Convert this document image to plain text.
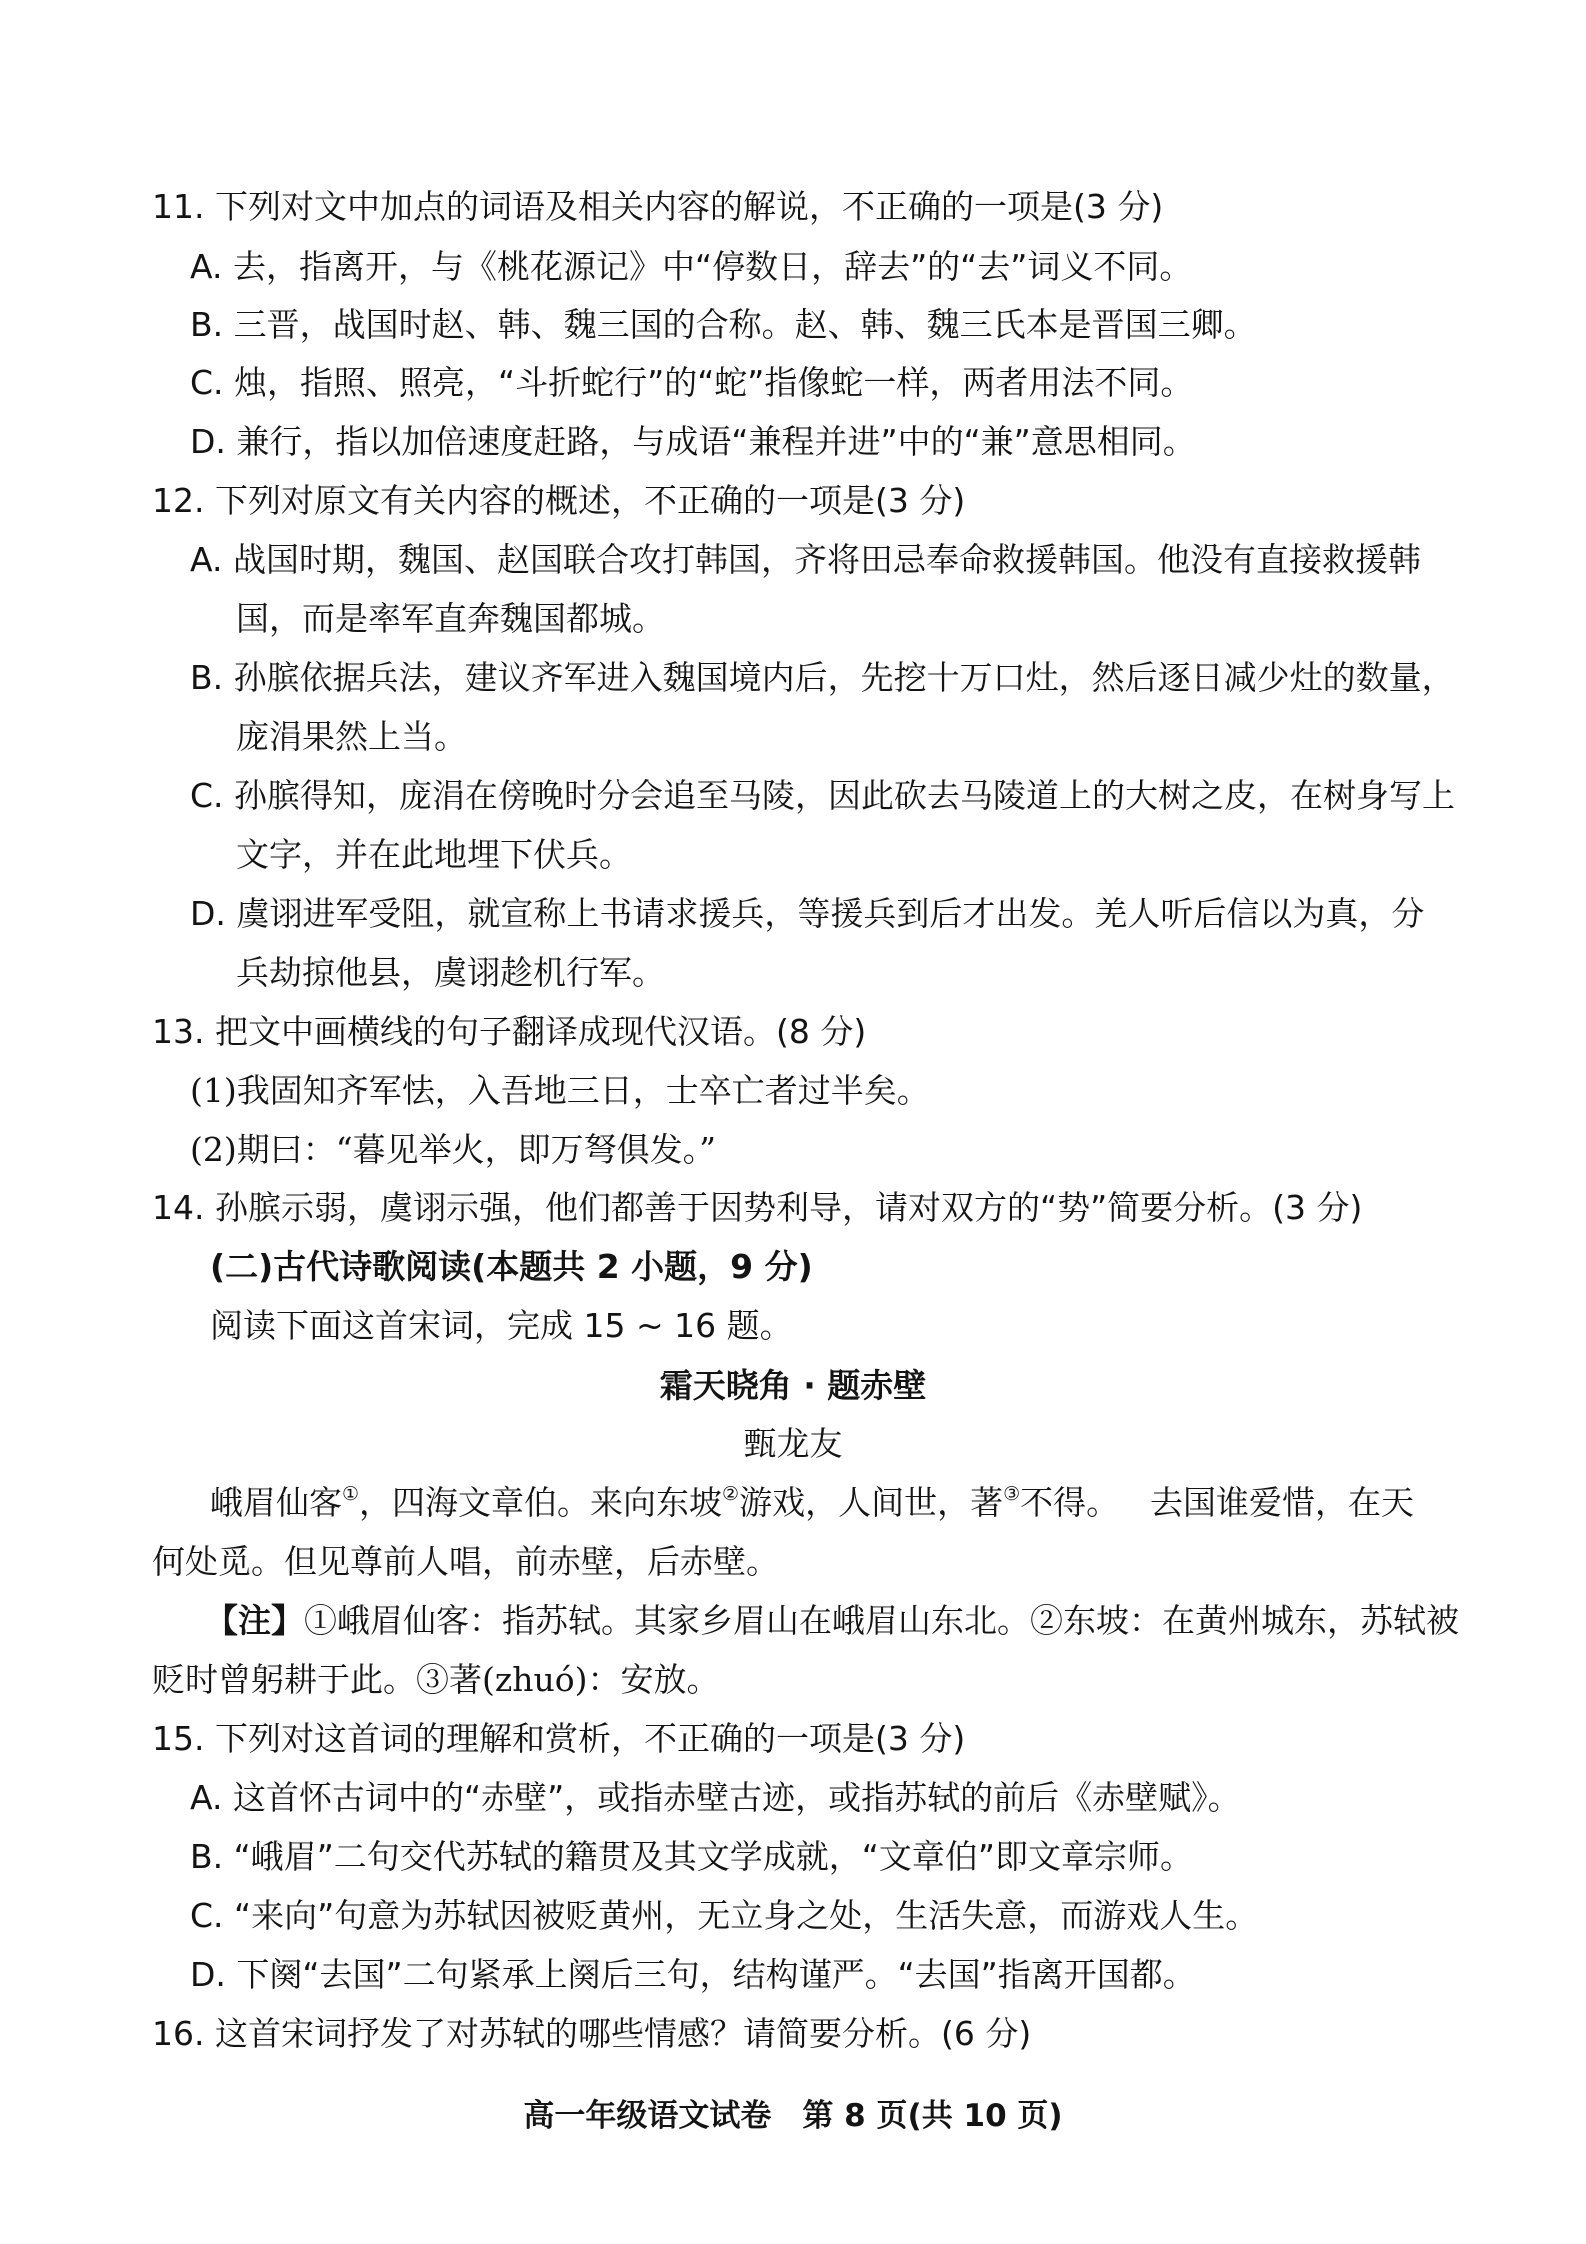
11. 下列对文中加点的词语及相关内容的解说，不正确的一项是(3 分)
A. 去，指离开，与《桃花源记》中“停数日，辞去”的“去”词义不同。
B. 三晋，战国时赵、韩、魏三国的合称。赵、韩、魏三氏本是晋国三卿。
C. 烛，指照、照亮，“斗折蛇行”的“蛇”指像蛇一样，两者用法不同。
D. 兼行，指以加倍速度赶路，与成语“兼程并进”中的“兼”意思相同。
12. 下列对原文有关内容的概述，不正确的一项是(3 分)
A. 战国时期，魏国、赵国联合攻打韩国，齐将田忌奉命救援韩国。他没有直接救援韩
国，而是率军直奔魏国都城。
B. 孙膑依据兵法，建议齐军进入魏国境内后，先挖十万口灶，然后逐日减少灶的数量，
庞涓果然上当。
C. 孙膑得知，庞涓在傍晚时分会追至马陵，因此砍去马陵道上的大树之皮，在树身写上
文字，并在此地埋下伏兵。
D. 虞诩进军受阻，就宣称上书请求援兵，等援兵到后才出发。羌人听后信以为真，分
兵劫掠他县，虞诩趁机行军。
13. 把文中画横线的句子翻译成现代汉语。(8 分)
(1)我固知齐军怯，入吾地三日，士卒亡者过半矣。
(2)期曰：“暮见举火，即万弩俱发。”
14. 孙膑示弱，虞诩示强，他们都善于因势利导，请对双方的“势”简要分析。(3 分)
(二)古代诗歌阅读(本题共 2 小题，9 分)
阅读下面这首宋词，完成 15 ~ 16 题。
霜天晓角 · 题赤壁
甄龙友
峨眉仙客①，四海文章伯。来向东坡②游戏，人间世，著③不得。 去国谁爱惜，在天
何处觅。但见尊前人唱，前赤壁，后赤壁。
【注】①峨眉仙客：指苏轼。其家乡眉山在峨眉山东北。②东坡：在黄州城东，苏轼被
贬时曾躬耕于此。③著(zhuó)：安放。
15. 下列对这首词的理解和赏析，不正确的一项是(3 分)
A. 这首怀古词中的“赤壁”，或指赤壁古迹，或指苏轼的前后《赤壁赋》。
B. “峨眉”二句交代苏轼的籍贯及其文学成就，“文章伯”即文章宗师。
C. “来向”句意为苏轼因被贬黄州，无立身之处，生活失意，而游戏人生。
D. 下阕“去国”二句紧承上阕后三句，结构谨严。“去国”指离开国都。
16. 这首宋词抒发了对苏轼的哪些情感？请简要分析。(6 分)
高一年级语文试卷　第 8 页(共 10 页)
